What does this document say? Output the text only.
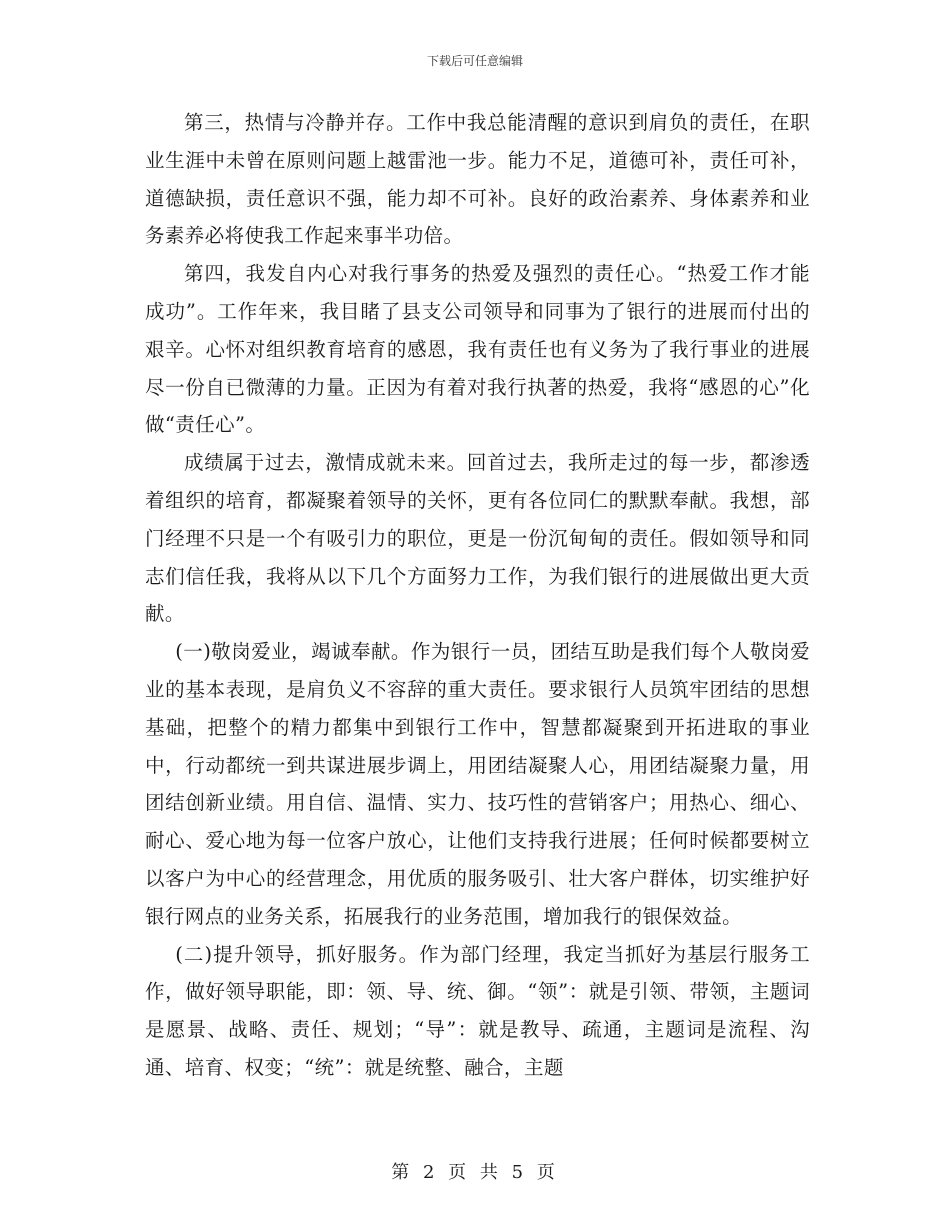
下载后可任意编辑

第三，热情与冷静并存。工作中我总能清醒的意识到肩负的责任，在职业生涯中未曾在原则问题上越雷池一步。能力不足，道德可补，责任可补，道德缺损，责任意识不强，能力却不可补。良好的政治素养、身体素养和业务素养必将使我工作起来事半功倍。

第四，我发自内心对我行事务的热爱及强烈的责任心。“热爱工作才能成功”。工作年来，我目睹了县支公司领导和同事为了银行的进展而付出的艰辛。心怀对组织教育培育的感恩，我有责任也有义务为了我行事业的进展尽一份自已微薄的力量。正因为有着对我行执著的热爱，我将“感恩的心”化做“责任心”。

成绩属于过去，激情成就未来。回首过去，我所走过的每一步，都渗透着组织的培育，都凝聚着领导的关怀，更有各位同仁的默默奉献。我想，部门经理不只是一个有吸引力的职位，更是一份沉甸甸的责任。假如领导和同志们信任我，我将从以下几个方面努力工作，为我们银行的进展做出更大贡献。

(一)敬岗爱业，竭诚奉献。作为银行一员，团结互助是我们每个人敬岗爱业的基本表现，是肩负义不容辞的重大责任。要求银行人员筑牢团结的思想基础，把整个的精力都集中到银行工作中，智慧都凝聚到开拓进取的事业中，行动都统一到共谋进展步调上，用团结凝聚人心，用团结凝聚力量，用团结创新业绩。用自信、温情、实力、技巧性的营销客户；用热心、细心、耐心、爱心地为每一位客户放心，让他们支持我行进展；任何时候都要树立以客户为中心的经营理念，用优质的服务吸引、壮大客户群体，切实维护好银行网点的业务关系，拓展我行的业务范围，增加我行的银保效益。

(二)提升领导，抓好服务。作为部门经理，我定当抓好为基层行服务工作，做好领导职能，即：领、导、统、御。“领”：就是引领、带领，主题词是愿景、战略、责任、规划；“导”：就是教导、疏通，主题词是流程、沟通、培育、权变；“统”：就是统整、融合，主题

第 2 页 共 5 页
